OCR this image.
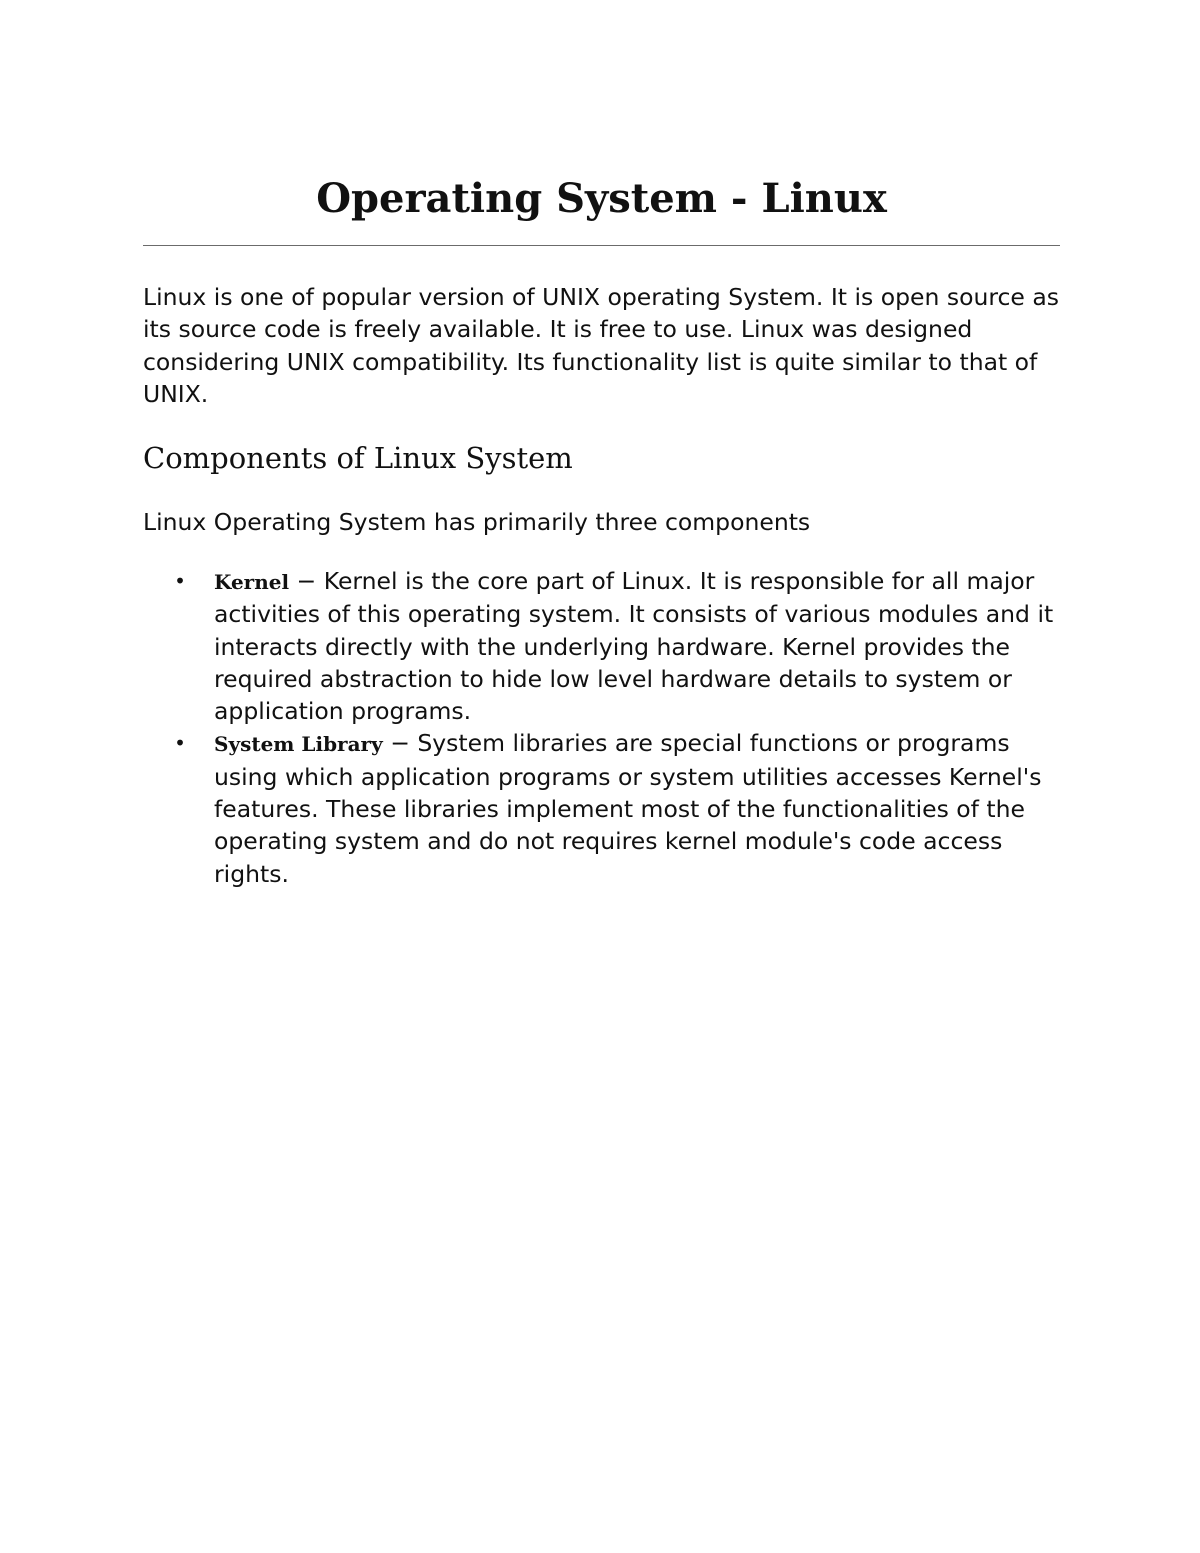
Operating System - Linux

Linux is one of popular version of UNIX operating System. It is open source as its source code is freely available. It is free to use. Linux was designed considering UNIX compatibility. Its functionality list is quite similar to that of UNIX.

Components of Linux System

Linux Operating System has primarily three components

• Kernel − Kernel is the core part of Linux. It is responsible for all major activities of this operating system. It consists of various modules and it interacts directly with the underlying hardware. Kernel provides the required abstraction to hide low level hardware details to system or application programs.
• System Library − System libraries are special functions or programs using which application programs or system utilities accesses Kernel's features. These libraries implement most of the functionalities of the operating system and do not requires kernel module's code access rights.
